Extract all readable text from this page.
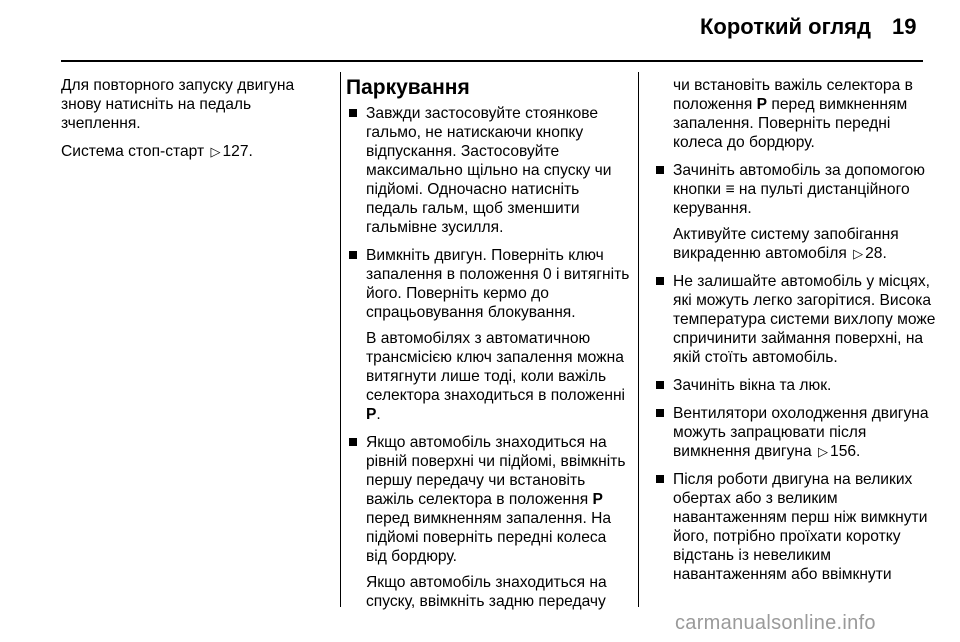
Короткий огляд 19

Для повторного запуску двигуна знову натисніть на педаль зчеплення.

Система стоп-старт ▷ 127.

Паркування
Завжди застосовуйте стоянкове гальмо, не натискаючи кнопку відпускання. Застосовуйте максимально щільно на спуску чи підйомі. Одночасно натисніть педаль гальм, щоб зменшити гальмівне зусилля.
Вимкніть двигун. Поверніть ключ запалення в положення 0 і витягніть його. Поверніть кермо до спрацьовування блокування.
В автомобілях з автоматичною трансмісією ключ запалення можна витягнути лише тоді, коли важіль селектора знаходиться в положенні P.
Якщо автомобіль знаходиться на рівній поверхні чи підйомі, ввімкніть першу передачу чи встановіть важіль селектора в положення P перед вимкненням запалення. На підйомі поверніть передні колеса від бордюру.
Якщо автомобіль знаходиться на спуску, ввімкніть задню передачу
чи встановіть важіль селектора в положення P перед вимкненням запалення. Поверніть передні колеса до бордюру.
Зачиніть автомобіль за допомогою кнопки ≡ на пульті дистанційного керування.
Активуйте систему запобігання викраденню автомобіля ▷ 28.
Не залишайте автомобіль у місцях, які можуть легко загорітися. Висока температура системи вихлопу може спричинити займання поверхні, на якій стоїть автомобіль.
Зачиніть вікна та люк.
Вентилятори охолодження двигуна можуть запрацювати після вимкнення двигуна ▷ 156.
Після роботи двигуна на великих обертах або з великим навантаженням перш ніж вимкнути його, потрібно проїхати коротку відстань із невеликим навантаженням або ввімкнути
carmanualsonline.info
